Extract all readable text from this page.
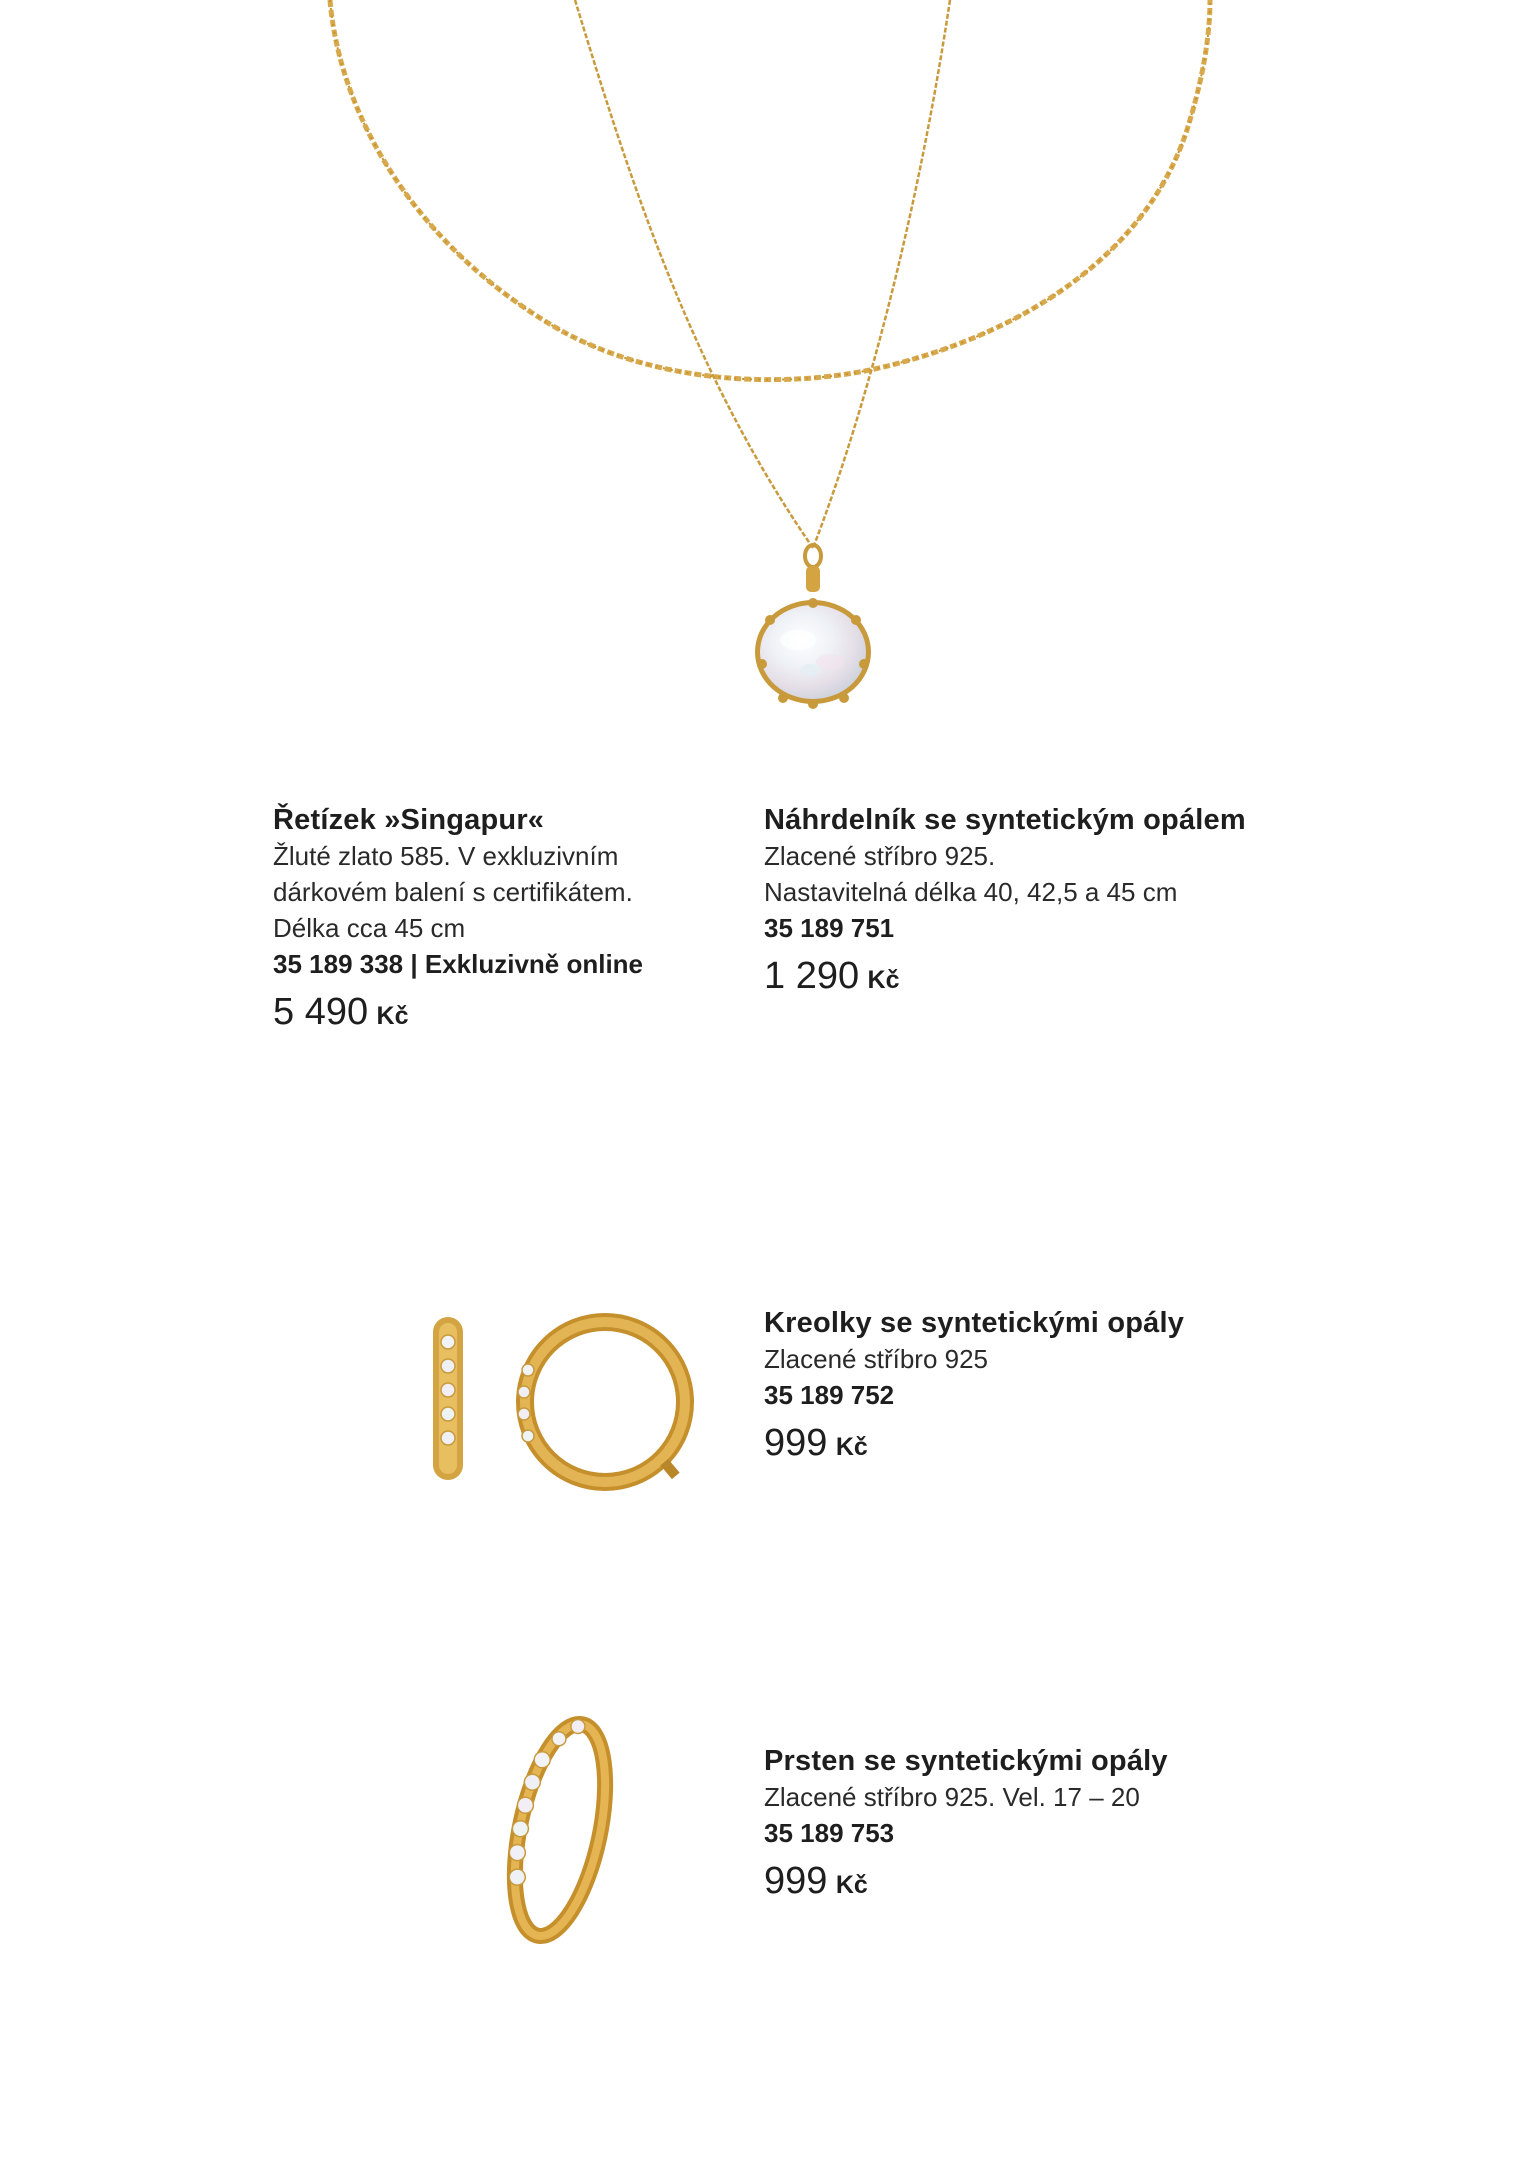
Řetízek »Singapur«
Žluté zlato 585. V exkluzivním
dárkovém balení s certifikátem.
Délka cca 45 cm
35 189 338 | Exkluzivně online
5 490 Kč
Náhrdelník se syntetickým opálem
Zlacené stříbro 925.
Nastavitelná délka 40, 42,5 a 45 cm
35 189 751
1 290 Kč
Kreolky se syntetickými opály
Zlacené stříbro 925
35 189 752
999 Kč
Prsten se syntetickými opály
Zlacené stříbro 925. Vel. 17 – 20
35 189 753
999 Kč
